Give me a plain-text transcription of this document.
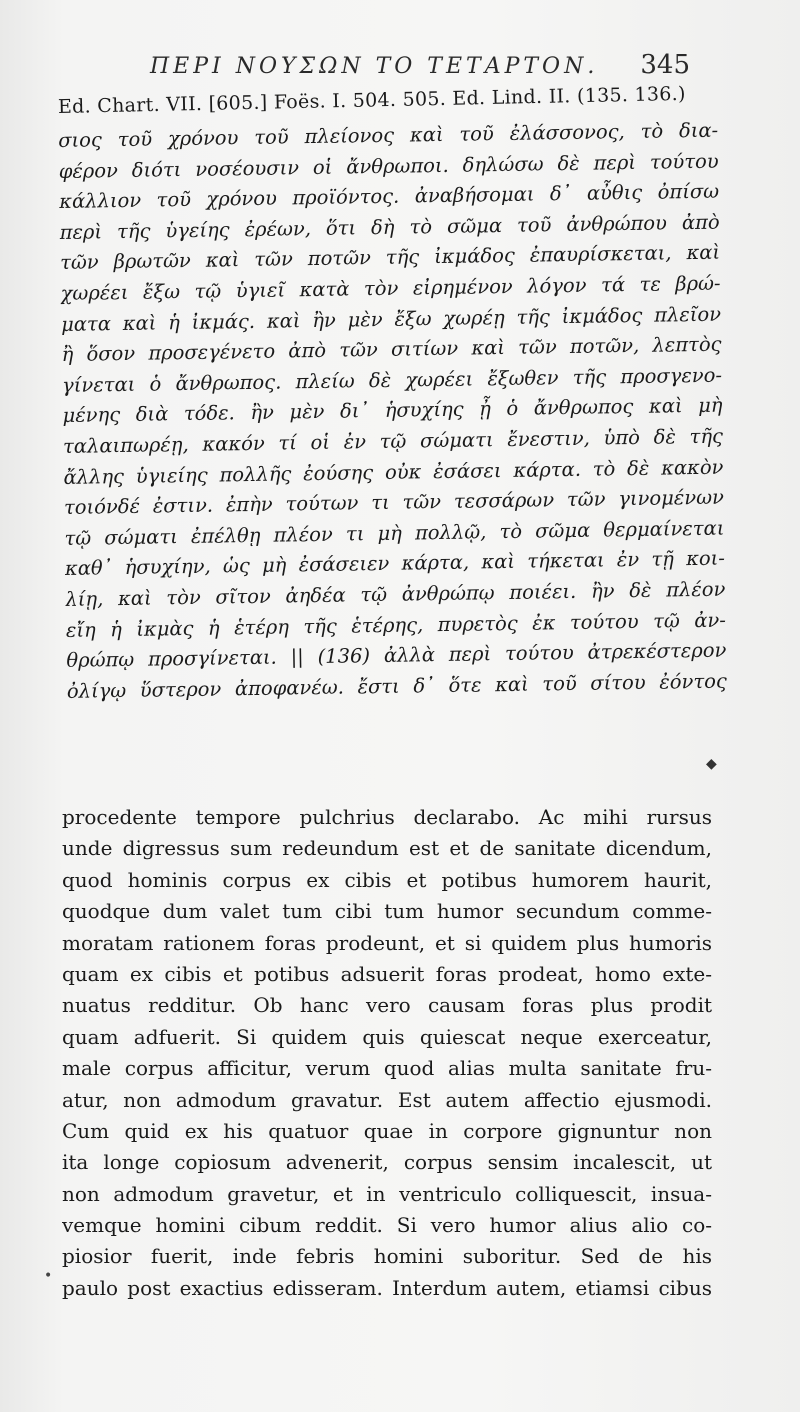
ΠΕΡΙ ΝΟΥΣΩΝ ΤΟ ΤΕΤΑΡΤΟΝ. 345
Ed. Chart. VII. [605.] Foës. I. 504. 505. Ed. Lind. II. (135. 136.)
σιος τοῦ χρόνου τοῦ πλείονος καὶ τοῦ ἐλάσσονος, τὸ δια-
φέρον διότι νοσέουσιν οἱ ἄνθρωποι. δηλώσω δὲ περὶ τούτου
κάλλιον τοῦ χρόνου προϊόντος. ἀναβήσομαι δ᾽ αὖθις ὀπίσω
περὶ τῆς ὑγείης ἐρέων, ὅτι δὴ τὸ σῶμα τοῦ ἀνθρώπου ἀπὸ
τῶν βρωτῶν καὶ τῶν ποτῶν τῆς ἰκμάδος ἐπαυρίσκεται, καὶ
χωρέει ἔξω τῷ ὑγιεῖ κατὰ τὸν εἰρημένον λόγον τά τε βρώ-
ματα καὶ ἡ ἰκμάς. καὶ ἢν μὲν ἔξω χωρέῃ τῆς ἰκμάδος πλεῖον
ἢ ὅσον προσεγένετο ἀπὸ τῶν σιτίων καὶ τῶν ποτῶν, λεπτὸς
γίνεται ὁ ἄνθρωπος. πλείω δὲ χωρέει ἔξωθεν τῆς προσγενο-
μένης διὰ τόδε. ἢν μὲν δι᾽ ἡσυχίης ᾖ ὁ ἄνθρωπος καὶ μὴ
ταλαιπωρέῃ, κακόν τί οἱ ἐν τῷ σώματι ἔνεστιν, ὑπὸ δὲ τῆς
ἄλλης ὑγιείης πολλῆς ἐούσης οὐκ ἐσάσει κάρτα. τὸ δὲ κακὸν
τοιόνδέ ἐστιν. ἐπὴν τούτων τι τῶν τεσσάρων τῶν γινομένων
τῷ σώματι ἐπέλθῃ πλέον τι μὴ πολλῷ, τὸ σῶμα θερμαίνεται
καθ᾽ ἡσυχίην, ὡς μὴ ἐσάσειεν κάρτα, καὶ τήκεται ἐν τῇ κοι-
λίῃ, καὶ τὸν σῖτον ἀηδέα τῷ ἀνθρώπῳ ποιέει. ἢν δὲ πλέον
εἴη ἡ ἰκμὰς ἡ ἑτέρη τῆς ἑτέρης, πυρετὸς ἐκ τούτου τῷ ἀν-
θρώπῳ προσγίνεται. || (136) ἀλλὰ περὶ τούτου ἀτρεκέστερον
ὀλίγῳ ὕστερον ἀποφανέω. ἔστι δ᾽ ὅτε καὶ τοῦ σίτου ἐόντος
◆
procedente tempore pulchrius declarabo. Ac mihi rursus
unde digressus sum redeundum est et de sanitate dicendum,
quod hominis corpus ex cibis et potibus humorem haurit,
quodque dum valet tum cibi tum humor secundum comme-
moratam rationem foras prodeunt, et si quidem plus humoris
quam ex cibis et potibus adsuerit foras prodeat, homo exte-
nuatus redditur. Ob hanc vero causam foras plus prodit
quam adfuerit. Si quidem quis quiescat neque exerceatur,
male corpus afficitur, verum quod alias multa sanitate fru-
atur, non admodum gravatur. Est autem affectio ejusmodi.
Cum quid ex his quatuor quae in corpore gignuntur non
ita longe copiosum advenerit, corpus sensim incalescit, ut
non admodum gravetur, et in ventriculo colliquescit, insua-
vemque homini cibum reddit. Si vero humor alius alio co-
piosior fuerit, inde febris homini suboritur. Sed de his
paulo post exactius edisseram. Interdum autem, etiamsi cibus
•
